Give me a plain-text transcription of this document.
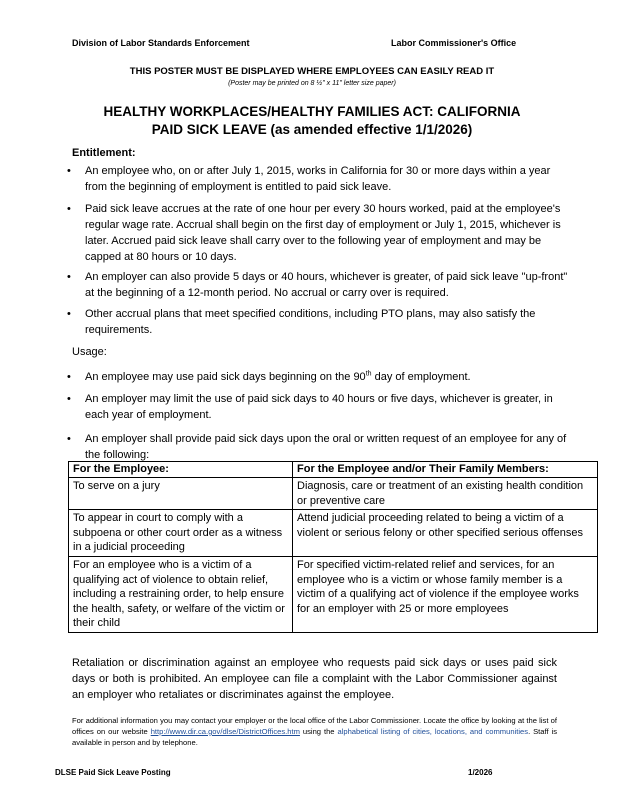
Division of Labor Standards Enforcement	Labor Commissioner's Office
THIS POSTER MUST BE DISPLAYED WHERE EMPLOYEES CAN EASILY READ IT
(Poster may be printed on 8 ½" x 11" letter size paper)
HEALTHY WORKPLACES/HEALTHY FAMILIES ACT: CALIFORNIA
PAID SICK LEAVE (as amended effective 1/1/2026)
Entitlement:
• An employee who, on or after July 1, 2015, works in California for 30 or more days within a year from the beginning of employment is entitled to paid sick leave.
• Paid sick leave accrues at the rate of one hour per every 30 hours worked, paid at the employee's regular wage rate. Accrual shall begin on the first day of employment or July 1, 2015, whichever is later. Accrued paid sick leave shall carry over to the following year of employment and may be capped at 80 hours or 10 days.
• An employer can also provide 5 days or 40 hours, whichever is greater, of paid sick leave "up-front" at the beginning of a 12-month period. No accrual or carry over is required.
• Other accrual plans that meet specified conditions, including PTO plans, may also satisfy the requirements.
Usage:
• An employee may use paid sick days beginning on the 90th day of employment.
• An employer may limit the use of paid sick days to 40 hours or five days, whichever is greater, in each year of employment.
• An employer shall provide paid sick days upon the oral or written request of an employee for any of the following:
For the Employee:	For the Employee and/or Their Family Members:
To serve on a jury	Diagnosis, care or treatment of an existing health condition or preventive care
To appear in court to comply with a subpoena or other court order as a witness in a judicial proceeding	Attend judicial proceeding related to being a victim of a violent or serious felony or other specified serious offenses
For an employee who is a victim of a qualifying act of violence to obtain relief, including a restraining order, to help ensure the health, safety, or welfare of the victim or their child	For specified victim-related relief and services, for an employee who is a victim or whose family member is a victim of a qualifying act of violence if the employee works for an employer with 25 or more employees
Retaliation or discrimination against an employee who requests paid sick days or uses paid sick days or both is prohibited. An employee can file a complaint with the Labor Commissioner against an employer who retaliates or discriminates against the employee.
For additional information you may contact your employer or the local office of the Labor Commissioner. Locate the office by looking at the list of offices on our website http://www.dir.ca.gov/dlse/DistrictOffices.htm using the alphabetical listing of cities, locations, and communities. Staff is available in person and by telephone.
DLSE Paid Sick Leave Posting	1/2026
